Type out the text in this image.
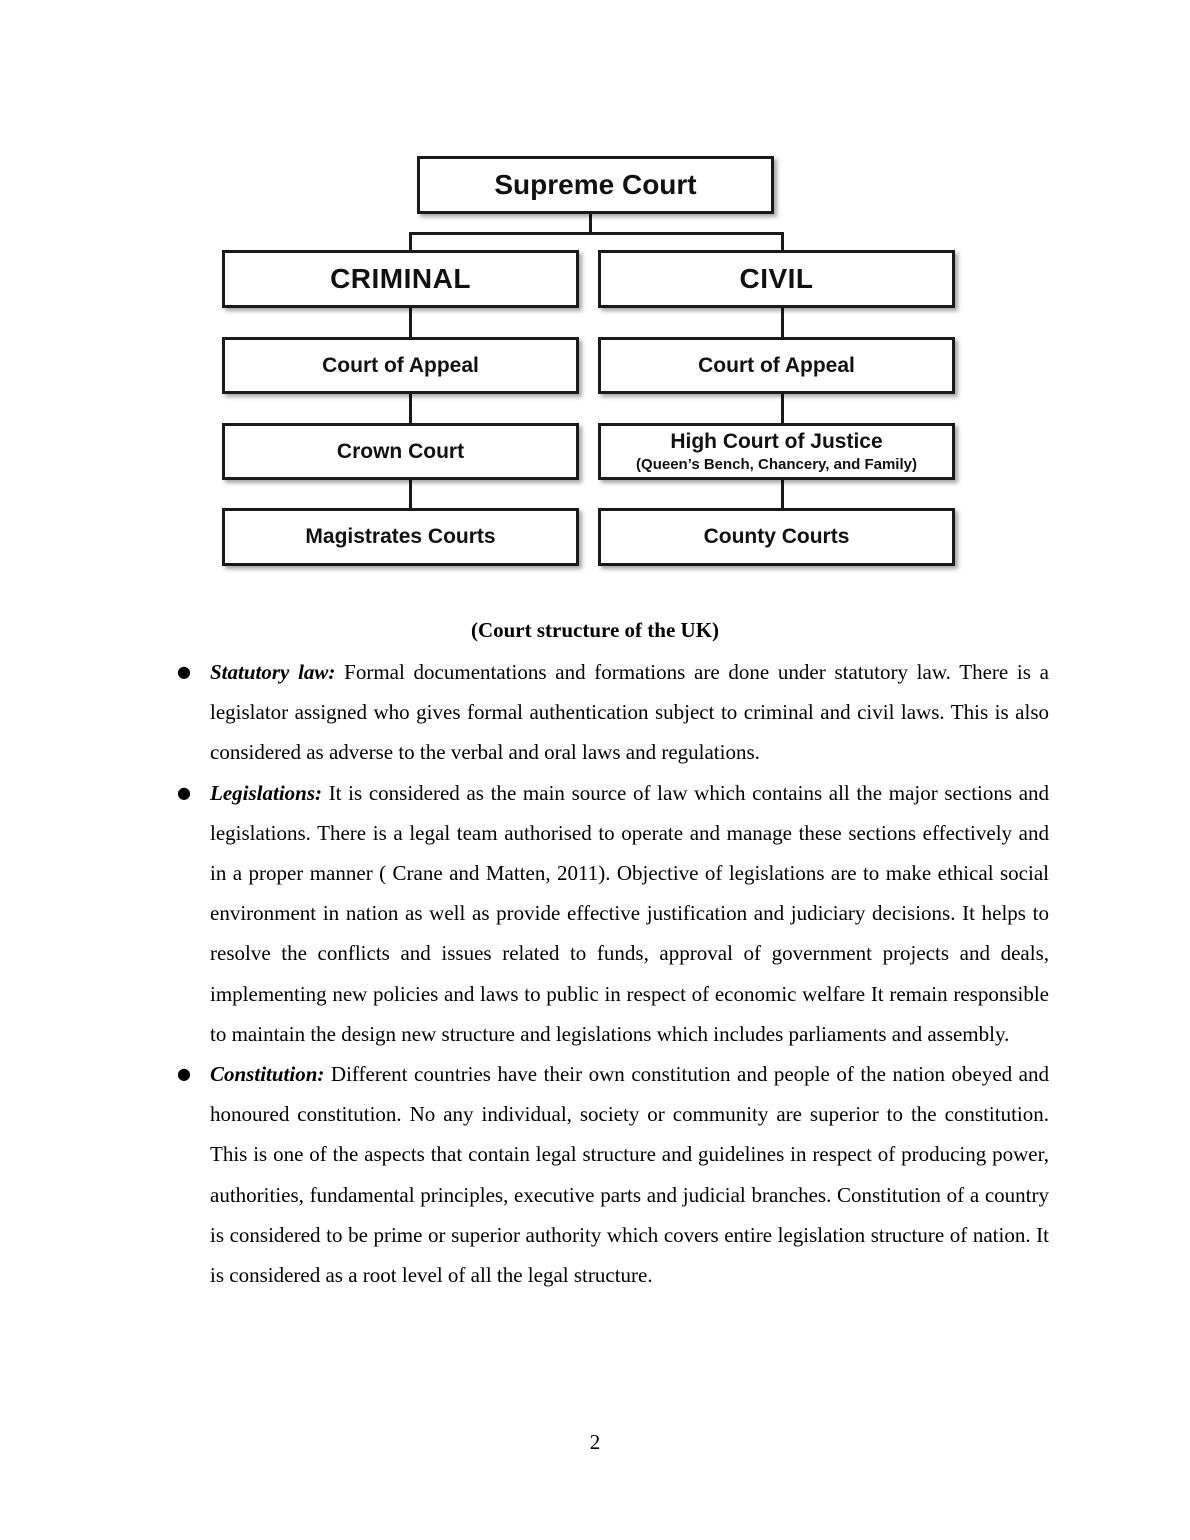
Supreme Court
CRIMINAL	CIVIL
Court of Appeal	Court of Appeal
Crown Court	High Court of Justice
(Queen’s Bench, Chancery, and Family)
Magistrates Courts	County Courts
(Court structure of the UK)
● Statutory law: Formal documentations and formations are done under statutory law. There is a legislator assigned who gives formal authentication subject to criminal and civil laws. This is also considered as adverse to the verbal and oral laws and regulations.
● Legislations: It is considered as the main source of law which contains all the major sections and legislations. There is a legal team authorised to operate and manage these sections effectively and in a proper manner ( Crane and Matten, 2011). Objective of legislations are to make ethical social environment in nation as well as provide effective justification and judiciary decisions. It helps to resolve the conflicts and issues related to funds, approval of government projects and deals, implementing new policies and laws to public in respect of economic welfare It remain responsible to maintain the design new structure and legislations which includes parliaments and assembly.
● Constitution: Different countries have their own constitution and people of the nation obeyed and honoured constitution. No any individual, society or community are superior to the constitution. This is one of the aspects that contain legal structure and guidelines in respect of producing power, authorities, fundamental principles, executive parts and judicial branches. Constitution of a country is considered to be prime or superior authority which covers entire legislation structure of nation. It is considered as a root level of all the legal structure.
2
